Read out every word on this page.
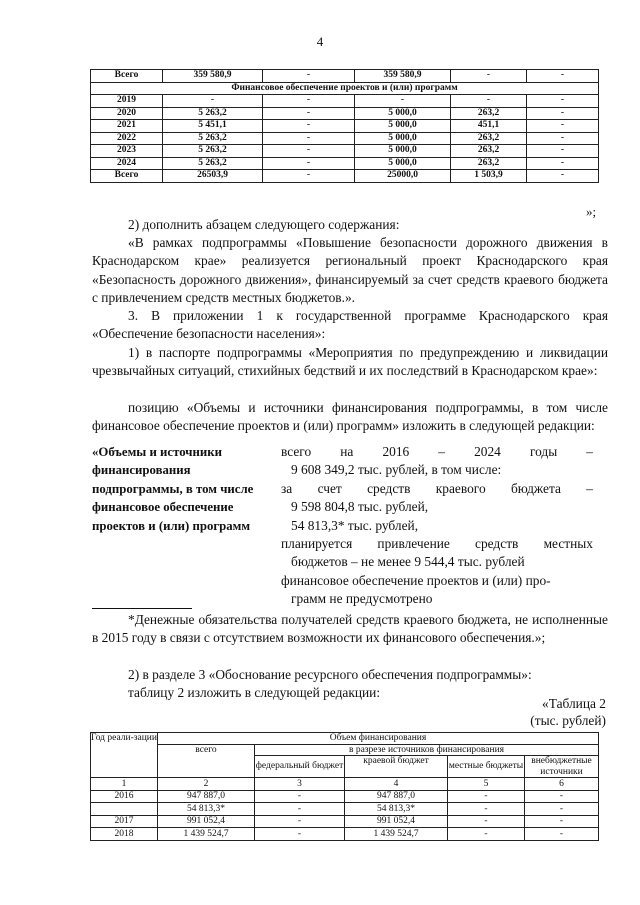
4
Всего	359 580,9	-	359 580,9	-	-
Финансовое обеспечение проектов и (или) программ					
2019	-	-	-	-	-
2020	5 263,2	-	5 000,0	263,2	-
2021	5 451,1	-	5 000,0	451,1	-
2022	5 263,2	-	5 000,0	263,2	-
2023	5 263,2	-	5 000,0	263,2	-
2024	5 263,2	-	5 000,0	263,2	-
Всего	26503,9	-	25000,0	1 503,9	-
»;

2) дополнить абзацем следующего содержания:

«В рамках подпрограммы «Повышение безопасности дорожного движения в Краснодарском крае» реализуется региональный проект Краснодарского края «Безопасность дорожного движения», финансируемый за счет средств краевого бюджета с привлечением средств местных бюджетов.».

3. В приложении 1 к государственной программе Краснодарского края «Обеспечение безопасности населения»:

1) в паспорте подпрограммы «Мероприятия по предупреждению и ликвидации чрезвычайных ситуаций, стихийных бедствий и их последствий в Краснодарском крае»:

позицию «Объемы и источники финансирования подпрограммы, в том числе финансовое обеспечение проектов и (или) программ» изложить в следующей редакции:

«Объемы и источники финансирования подпрограммы, в том числе финансовое обеспечение проектов и (или) программ
всего на 2016 – 2024 годы –
9 608 349,2 тыс. рублей, в том числе:
за счет средств краевого бюджета –
9 598 804,8 тыс. рублей,
54 813,3* тыс. рублей,
планируется привлечение средств местных
бюджетов – не менее 9 544,4 тыс. рублей
финансовое обеспечение проектов и (или) про-
грамм не предусмотрено

*Денежные обязательства получателей средств краевого бюджета, не исполненные в 2015 году в связи с отсутствием возможности их финансового обеспечения.»;

2) в разделе 3 «Обоснование ресурсного обеспечения подпрограммы»:

таблицу 2 изложить в следующей редакции:

«Таблица 2
(тыс. рублей)
Год реали-зации	Объем финансирования				
	всего	в разрезе источников финансирования			
		федеральный бюджет	краевой бюджет	местные бюджеты	внебюджетные источники
1	2	3	4	5	6
2016	947 887,0	-	947 887,0	-	-
	54 813,3*	-	54 813,3*	-	-
2017	991 052,4	-	991 052,4	-	-
2018	1 439 524,7	-	1 439 524,7	-	-
